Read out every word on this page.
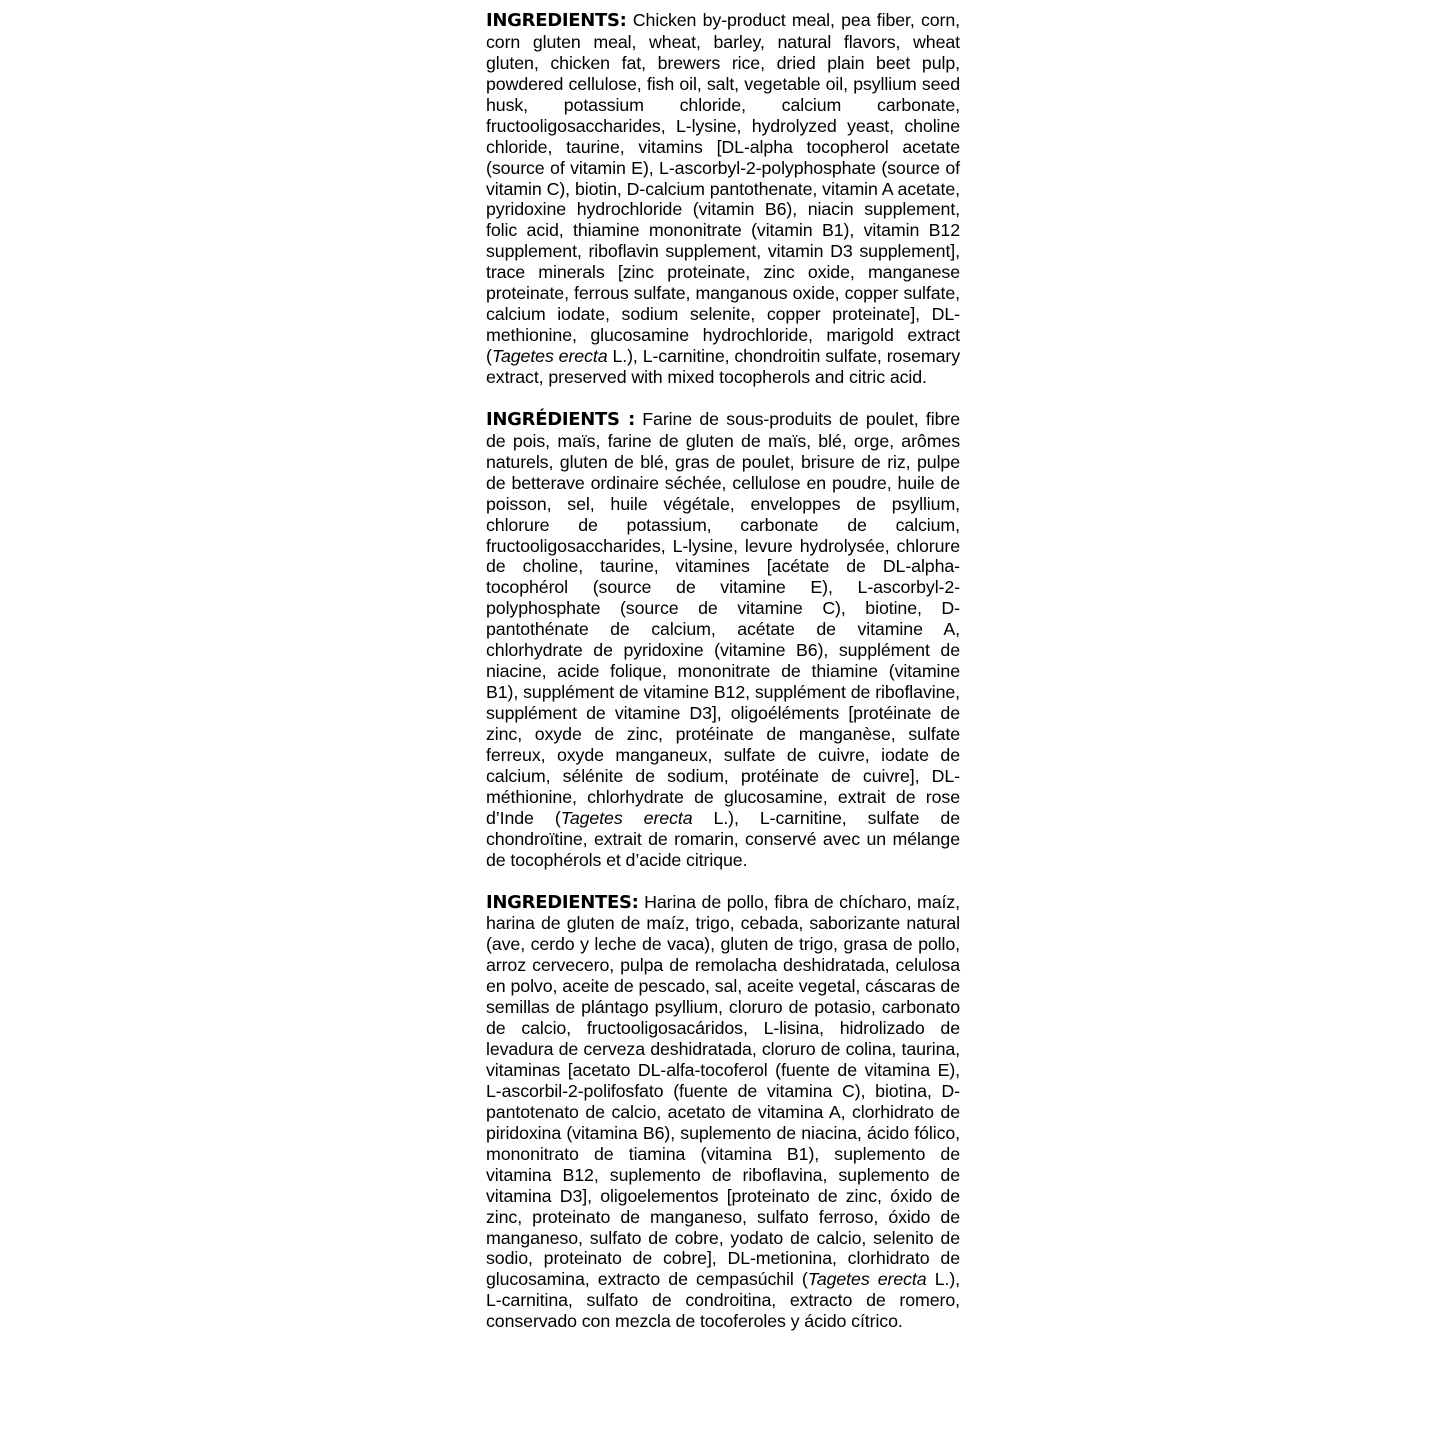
INGREDIENTS: Chicken by-product meal, pea fiber, corn, corn gluten meal, wheat, barley, natural flavors, wheat gluten, chicken fat, brewers rice, dried plain beet pulp, powdered cellulose, fish oil, salt, vegetable oil, psyllium seed husk, potassium chloride, calcium carbonate, fructooligosaccharides, L-lysine, hydrolyzed yeast, choline chloride, taurine, vitamins [DL-alpha tocopherol acetate (source of vitamin E), L-ascorbyl-2-polyphosphate (source of vitamin C), biotin, D-calcium pantothenate, vitamin A acetate, pyridoxine hydrochloride (vitamin B6), niacin supplement, folic acid, thiamine mononitrate (vitamin B1), vitamin B12 supplement, riboflavin supplement, vitamin D3 supplement], trace minerals [zinc proteinate, zinc oxide, manganese proteinate, ferrous sulfate, manganous oxide, copper sulfate, calcium iodate, sodium selenite, copper proteinate], DL-methionine, glucosamine hydrochloride, marigold extract (Tagetes erecta L.), L-carnitine, chondroitin sulfate, rosemary extract, preserved with mixed tocopherols and citric acid.

INGRÉDIENTS : Farine de sous-produits de poulet, fibre de pois, maïs, farine de gluten de maïs, blé, orge, arômes naturels, gluten de blé, gras de poulet, brisure de riz, pulpe de betterave ordinaire séchée, cellulose en poudre, huile de poisson, sel, huile végétale, enveloppes de psyllium, chlorure de potassium, carbonate de calcium, fructooligosaccharides, L-lysine, levure hydrolysée, chlorure de choline, taurine, vitamines [acétate de DL-alpha-tocophérol (source de vitamine E), L-ascorbyl-2-polyphosphate (source de vitamine C), biotine, D-pantothénate de calcium, acétate de vitamine A, chlorhydrate de pyridoxine (vitamine B6), supplément de niacine, acide folique, mononitrate de thiamine (vitamine B1), supplément de vitamine B12, supplément de riboflavine, supplément de vitamine D3], oligoéléments [protéinate de zinc, oxyde de zinc, protéinate de manganèse, sulfate ferreux, oxyde manganeux, sulfate de cuivre, iodate de calcium, sélénite de sodium, protéinate de cuivre], DL-méthionine, chlorhydrate de glucosamine, extrait de rose d’Inde (Tagetes erecta L.), L-carnitine, sulfate de chondroïtine, extrait de romarin, conservé avec un mélange de tocophérols et d’acide citrique.

INGREDIENTES: Harina de pollo, fibra de chícharo, maíz, harina de gluten de maíz, trigo, cebada, saborizante natural (ave, cerdo y leche de vaca), gluten de trigo, grasa de pollo, arroz cervecero, pulpa de remolacha deshidratada, celulosa en polvo, aceite de pescado, sal, aceite vegetal, cáscaras de semillas de plántago psyllium, cloruro de potasio, carbonato de calcio, fructooligosacáridos, L-lisina, hidrolizado de levadura de cerveza deshidratada, cloruro de colina, taurina, vitaminas [acetato DL-alfa-tocoferol (fuente de vitamina E), L-ascorbil-2-polifosfato (fuente de vitamina C), biotina, D-pantotenato de calcio, acetato de vitamina A, clorhidrato de piridoxina (vitamina B6), suplemento de niacina, ácido fólico, mononitrato de tiamina (vitamina B1), suplemento de vitamina B12, suplemento de riboflavina, suplemento de vitamina D3], oligoelementos [proteinato de zinc, óxido de zinc, proteinato de manganeso, sulfato ferroso, óxido de manganeso, sulfato de cobre, yodato de calcio, selenito de sodio, proteinato de cobre], DL-metionina, clorhidrato de glucosamina, extracto de cempasúchil (Tagetes erecta L.), L-carnitina, sulfato de condroitina, extracto de romero, conservado con mezcla de tocoferoles y ácido cítrico.
